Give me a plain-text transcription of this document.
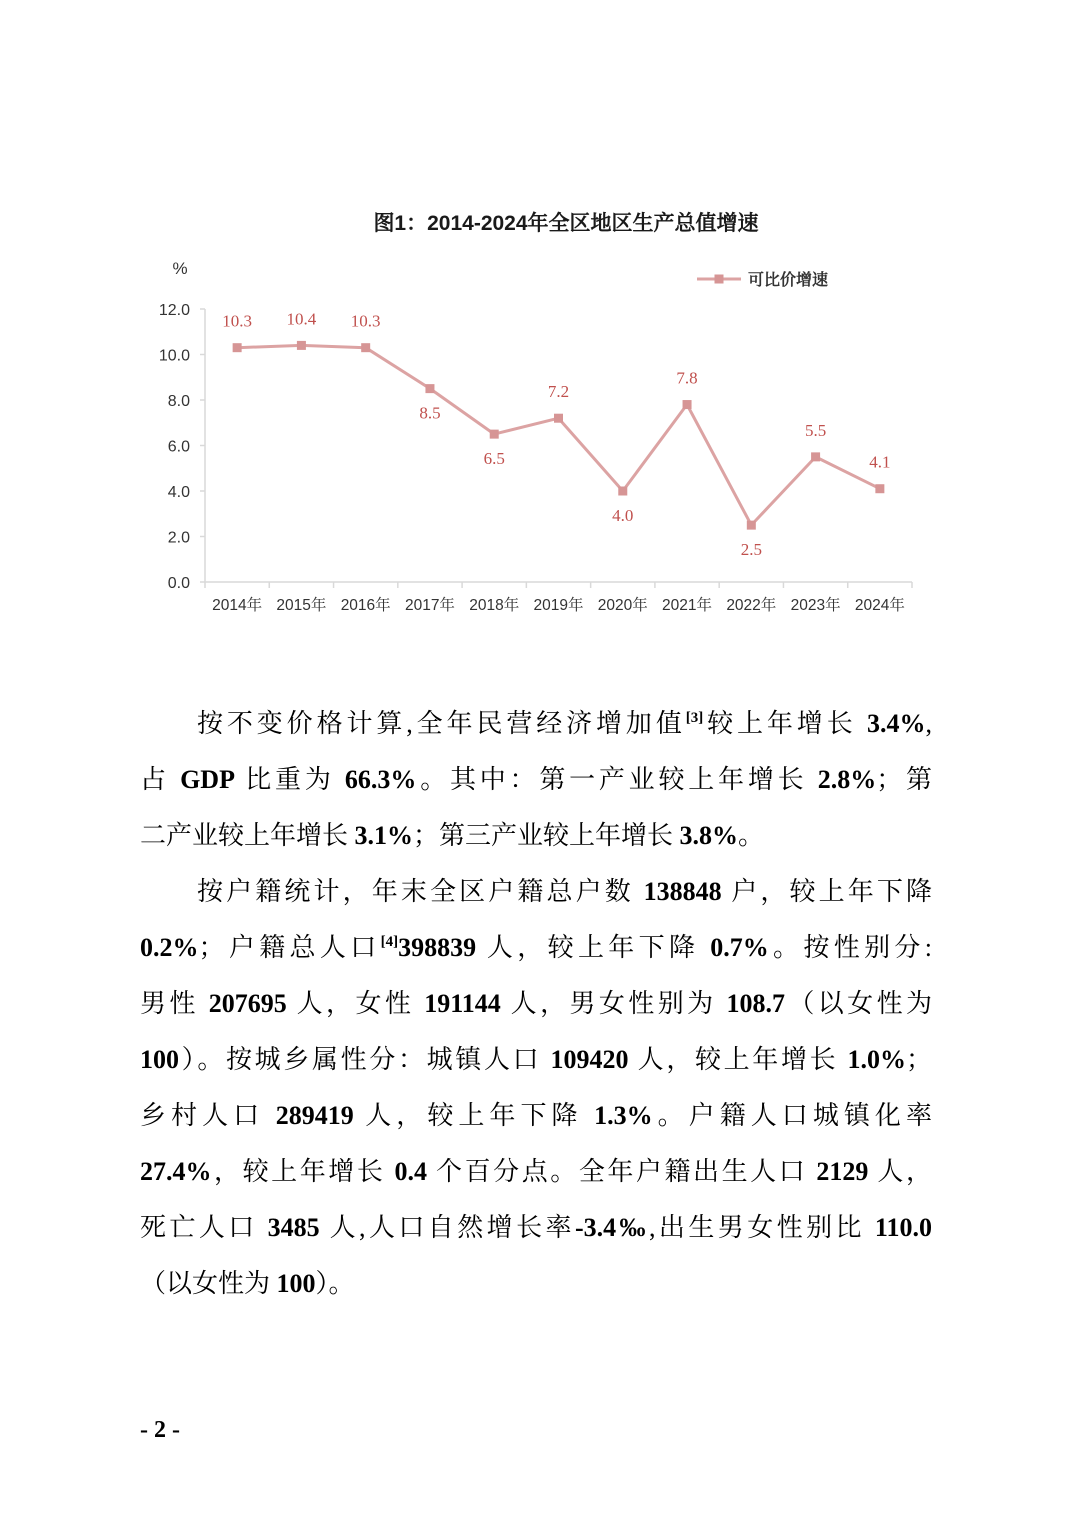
图1：2014-2024年全区地区生产总值增速
%
可比价增速
0.0
2.0
4.0
6.0
8.0
10.0
12.0
2014年 2015年 2016年 2017年 2018年 2019年 2020年 2021年 2022年 2023年 2024年
10.3 10.4 10.3
8.5
6.5
7.2
4.0
7.8
2.5
5.5
4.1
按不变价格计算,全年民营经济增加值[3]较上年增长 3.4%,
占 GDP 比重为 66.3%。其中：第一产业较上年增长 2.8%；第
二产业较上年增长 3.1%；第三产业较上年增长 3.8%。
按户籍统计，年末全区户籍总户数 138848 户，较上年下降
0.2%；户籍总人口[4]398839 人，较上年下降 0.7%。按性别分:
男性 207695 人，女性 191144 人，男女性别为 108.7（以女性为
100）。按城乡属性分：城镇人口 109420 人，较上年增长 1.0%；
乡村人口 289419 人，较上年下降 1.3%。户籍人口城镇化率
27.4%，较上年增长 0.4 个百分点。全年户籍出生人口 2129 人，
死亡人口 3485 人,人口自然增长率-3.4‰,出生男女性别比 110.0
（以女性为 100）。
- 2 -
